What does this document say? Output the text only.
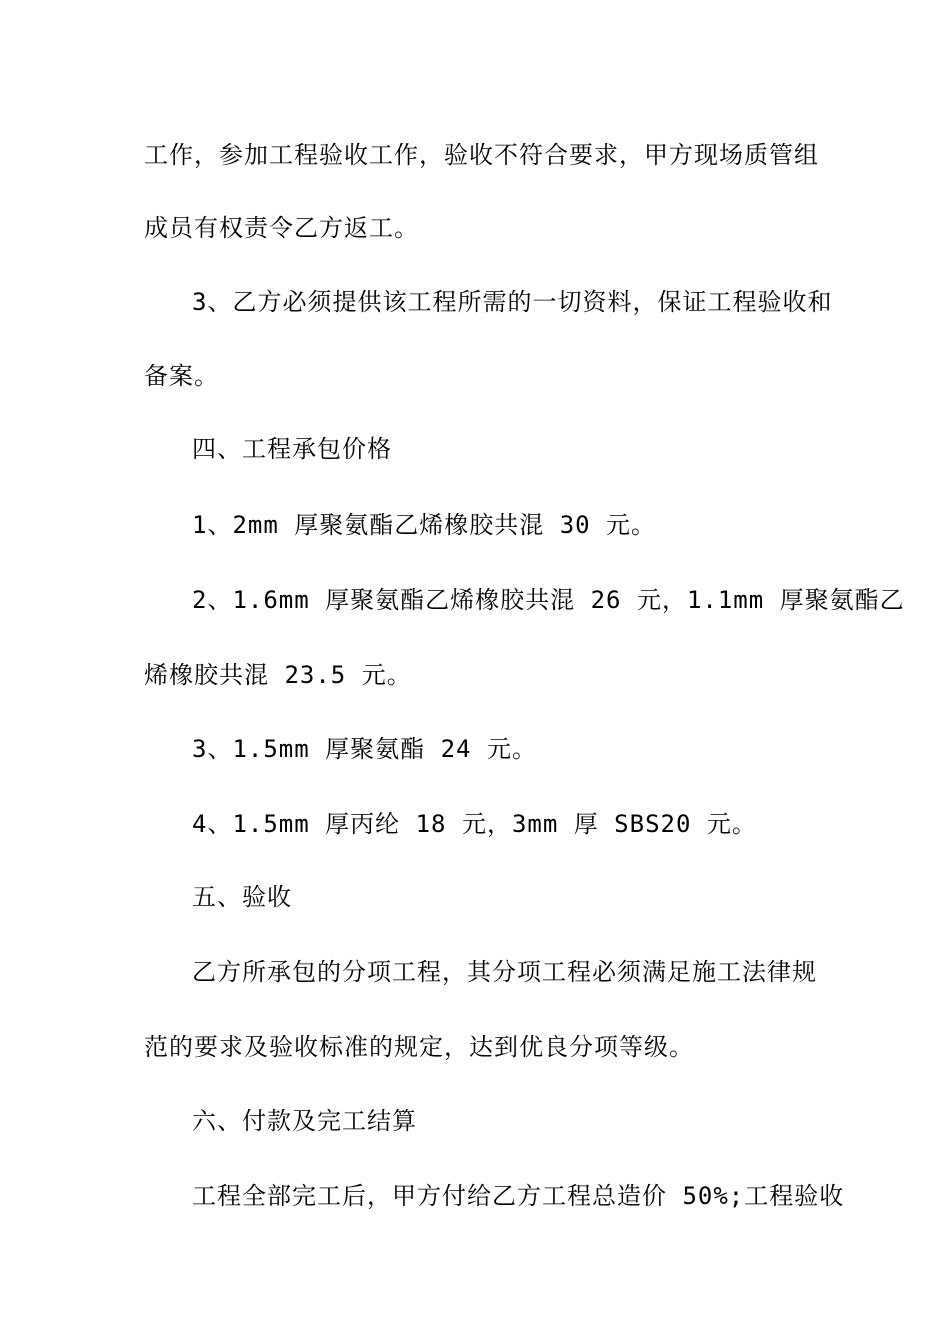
工作，参加工程验收工作，验收不符合要求，甲方现场质管组
成员有权责令乙方返工。
3、乙方必须提供该工程所需的一切资料，保证工程验收和
备案。
四、工程承包价格
1、2mm 厚聚氨酯乙烯橡胶共混 30 元。
2、1.6mm 厚聚氨酯乙烯橡胶共混 26 元，1.1mm 厚聚氨酯乙
烯橡胶共混 23.5 元。
3、1.5mm 厚聚氨酯 24 元。
4、1.5mm 厚丙纶 18 元，3mm 厚 SBS20 元。
五、验收
乙方所承包的分项工程，其分项工程必须满足施工法律规
范的要求及验收标准的规定，达到优良分项等级。
六、付款及完工结算
工程全部完工后，甲方付给乙方工程总造价 50%;工程验收
